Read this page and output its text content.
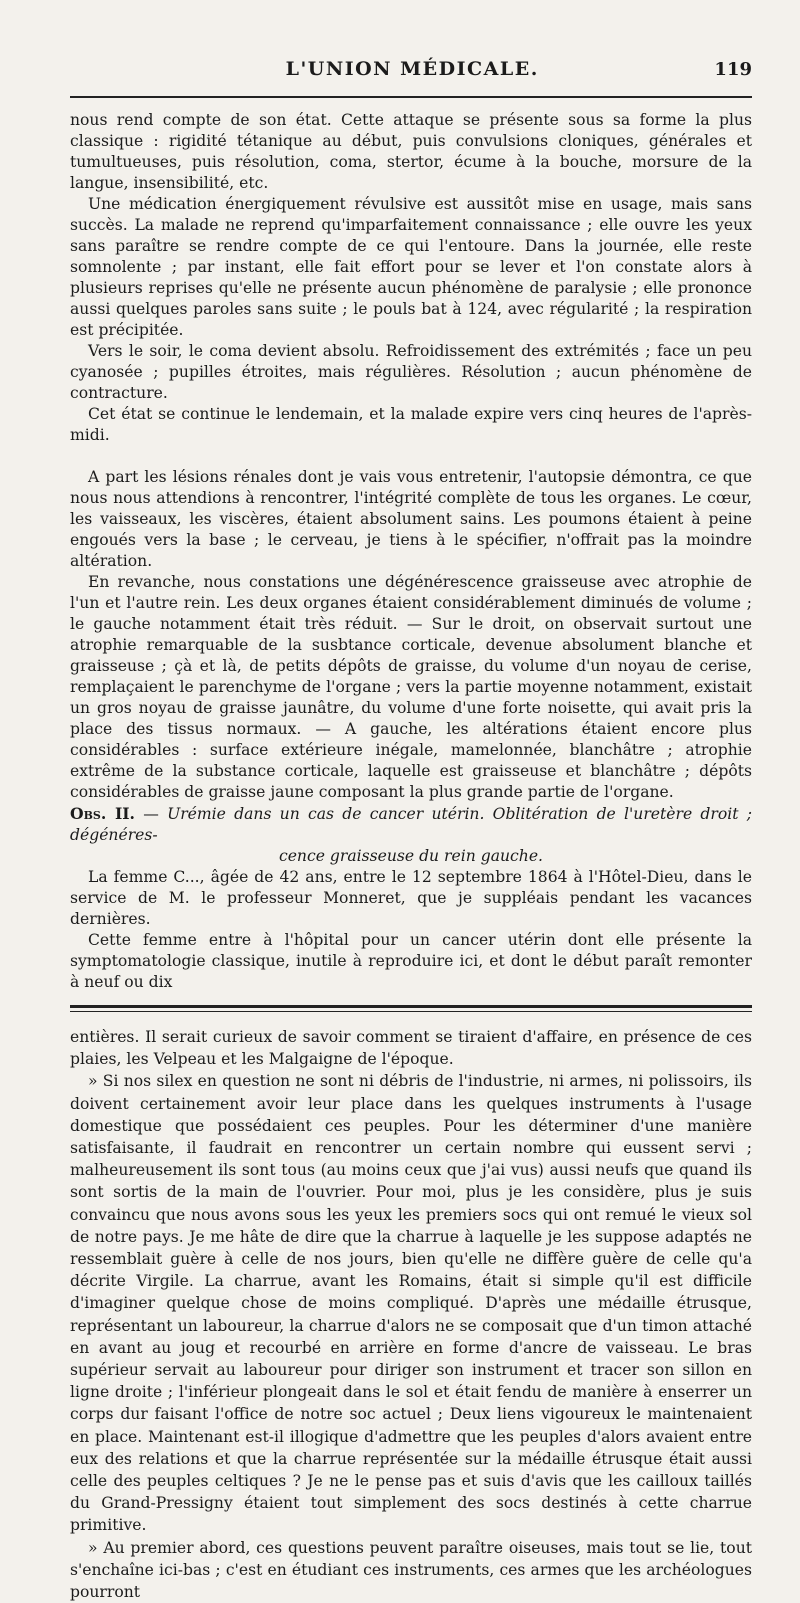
L'UNION MÉDICALE.	119

nous rend compte de son état. Cette attaque se présente sous sa forme la plus classique : rigidité tétanique au début, puis convulsions cloniques, générales et tumultueuses, puis résolution, coma, stertor, écume à la bouche, morsure de la langue, insensibilité, etc.

Une médication énergiquement révulsive est aussitôt mise en usage, mais sans succès. La malade ne reprend qu'imparfaitement connaissance ; elle ouvre les yeux sans paraître se rendre compte de ce qui l'entoure. Dans la journée, elle reste somnolente ; par instant, elle fait effort pour se lever et l'on constate alors à plusieurs reprises qu'elle ne présente aucun phénomène de paralysie ; elle prononce aussi quelques paroles sans suite ; le pouls bat à 124, avec régularité ; la respiration est précipitée.

Vers le soir, le coma devient absolu. Refroidissement des extrémités ; face un peu cyanosée ; pupilles étroites, mais régulières. Résolution ; aucun phénomène de contracture.

Cet état se continue le lendemain, et la malade expire vers cinq heures de l'après-midi.

A part les lésions rénales dont je vais vous entretenir, l'autopsie démontra, ce que nous nous attendions à rencontrer, l'intégrité complète de tous les organes. Le cœur, les vaisseaux, les viscères, étaient absolument sains. Les poumons étaient à peine engoués vers la base ; le cerveau, je tiens à le spécifier, n'offrait pas la moindre altération.

En revanche, nous constations une dégénérescence graisseuse avec atrophie de l'un et l'autre rein. Les deux organes étaient considérablement diminués de volume ; le gauche notamment était très réduit. — Sur le droit, on observait surtout une atrophie remarquable de la susbtance corticale, devenue absolument blanche et graisseuse ; çà et là, de petits dépôts de graisse, du volume d'un noyau de cerise, remplaçaient le parenchyme de l'organe ; vers la partie moyenne notamment, existait un gros noyau de graisse jaunâtre, du volume d'une forte noisette, qui avait pris la place des tissus normaux. — A gauche, les altérations étaient encore plus considérables : surface extérieure inégale, mamelonnée, blanchâtre ; atrophie extrême de la substance corticale, laquelle est graisseuse et blanchâtre ; dépôts considérables de graisse jaune composant la plus grande partie de l'organe.

Obs. II. — Urémie dans un cas de cancer utérin. Oblitération de l'uretère droit ; dégénéres-
cence graisseuse du rein gauche.

La femme C..., âgée de 42 ans, entre le 12 septembre 1864 à l'Hôtel-Dieu, dans le service de M. le professeur Monneret, que je suppléais pendant les vacances dernières.

Cette femme entre à l'hôpital pour un cancer utérin dont elle présente la symptomatologie classique, inutile à reproduire ici, et dont le début paraît remonter à neuf ou dix

entières. Il serait curieux de savoir comment se tiraient d'affaire, en présence de ces plaies, les Velpeau et les Malgaigne de l'époque.

» Si nos silex en question ne sont ni débris de l'industrie, ni armes, ni polissoirs, ils doivent certainement avoir leur place dans les quelques instruments à l'usage domestique que possédaient ces peuples. Pour les déterminer d'une manière satisfaisante, il faudrait en rencontrer un certain nombre qui eussent servi ; malheureusement ils sont tous (au moins ceux que j'ai vus) aussi neufs que quand ils sont sortis de la main de l'ouvrier. Pour moi, plus je les considère, plus je suis convaincu que nous avons sous les yeux les premiers socs qui ont remué le vieux sol de notre pays. Je me hâte de dire que la charrue à laquelle je les suppose adaptés ne ressemblait guère à celle de nos jours, bien qu'elle ne diffère guère de celle qu'a décrite Virgile. La charrue, avant les Romains, était si simple qu'il est difficile d'imaginer quelque chose de moins compliqué. D'après une médaille étrusque, représentant un laboureur, la charrue d'alors ne se composait que d'un timon attaché en avant au joug et recourbé en arrière en forme d'ancre de vaisseau. Le bras supérieur servait au laboureur pour diriger son instrument et tracer son sillon en ligne droite ; l'inférieur plongeait dans le sol et était fendu de manière à enserrer un corps dur faisant l'office de notre soc actuel ; Deux liens vigoureux le maintenaient en place. Maintenant est-il illogique d'admettre que les peuples d'alors avaient entre eux des relations et que la charrue représentée sur la médaille étrusque était aussi celle des peuples celtiques ? Je ne le pense pas et suis d'avis que les cailloux taillés du Grand-Pressigny étaient tout simplement des socs destinés à cette charrue primitive.

» Au premier abord, ces questions peuvent paraître oiseuses, mais tout se lie, tout s'enchaîne ici-bas ; c'est en étudiant ces instruments, ces armes que les archéologues pourront
